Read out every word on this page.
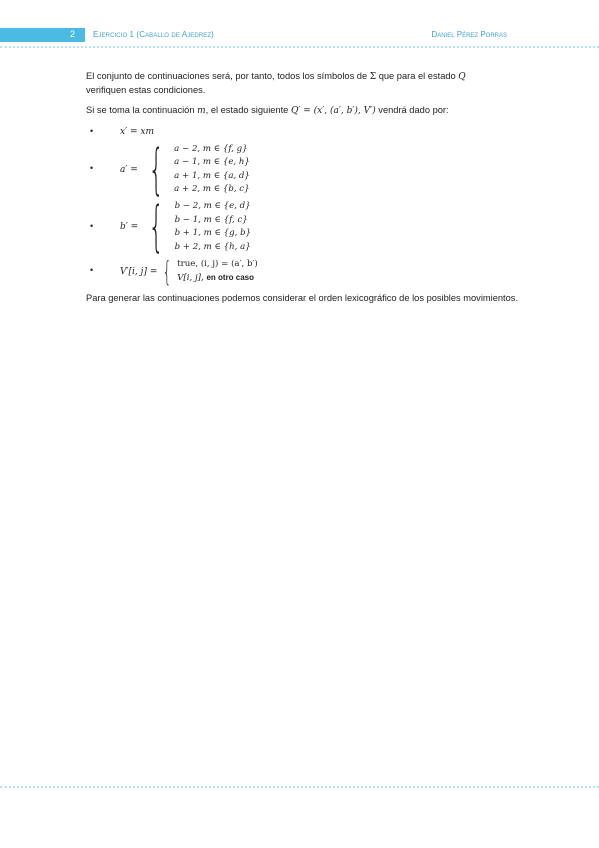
2 Ejercicio 1 (Caballo de Ajedrez)	Daniel Pérez Porras

El conjunto de continuaciones será, por tanto, todos los símbolos de Σ que para el estado Q
verifiquen estas condiciones.

Si se toma la continuación m, el estado siguiente Q′ = (x′, (a′, b′), V′) vendrá dado por:

•	x′ = xm
•	a′ = { a − 2, m ∈ {f, g}
a − 1, m ∈ {e, h}
a + 1, m ∈ {a, d}
a + 2, m ∈ {b, c}
•	b′ = { b − 2, m ∈ {e, d}
b − 1, m ∈ {f, c}
b + 1, m ∈ {g, b}
b + 2, m ∈ {h, a}
•	V′[i, j] = { true, (i, j) = (a′, b′)
V[i, j], en otro caso

Para generar las continuaciones podemos considerar el orden lexicográfico de los posibles movimientos.
